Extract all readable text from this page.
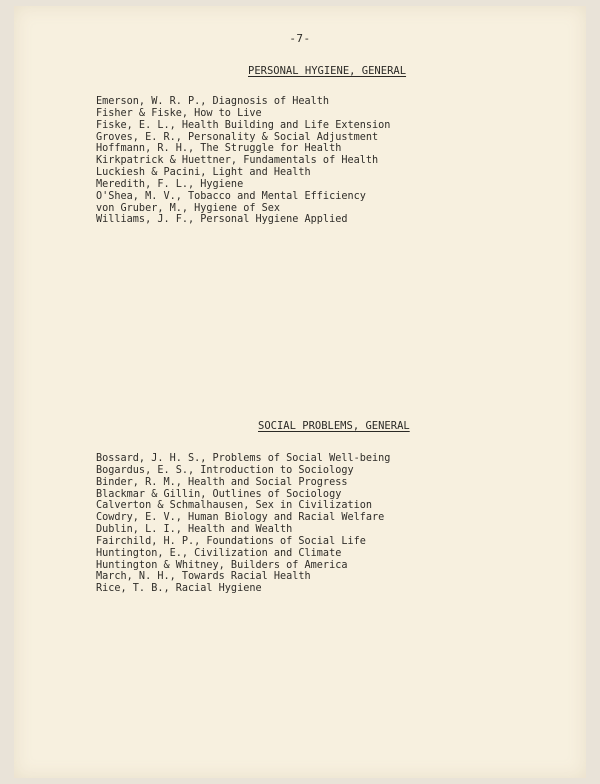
-7-
PERSONAL HYGIENE, GENERAL
Emerson, W. R. P., Diagnosis of Health
Fisher & Fiske, How to Live
Fiske, E. L., Health Building and Life Extension
Groves, E. R., Personality & Social Adjustment
Hoffmann, R. H., The Struggle for Health
Kirkpatrick & Huettner, Fundamentals of Health
Luckiesh & Pacini, Light and Health
Meredith, F. L., Hygiene
O'Shea, M. V., Tobacco and Mental Efficiency
von Gruber, M., Hygiene of Sex
Williams, J. F., Personal Hygiene Applied
SOCIAL PROBLEMS, GENERAL
Bossard, J. H. S., Problems of Social Well-being
Bogardus, E. S., Introduction to Sociology
Binder, R. M., Health and Social Progress
Blackmar & Gillin, Outlines of Sociology
Calverton & Schmalhausen, Sex in Civilization
Cowdry, E. V., Human Biology and Racial Welfare
Dublin, L. I., Health and Wealth
Fairchild, H. P., Foundations of Social Life
Huntington, E., Civilization and Climate
Huntington & Whitney, Builders of America
March, N. H., Towards Racial Health
Rice, T. B., Racial Hygiene
